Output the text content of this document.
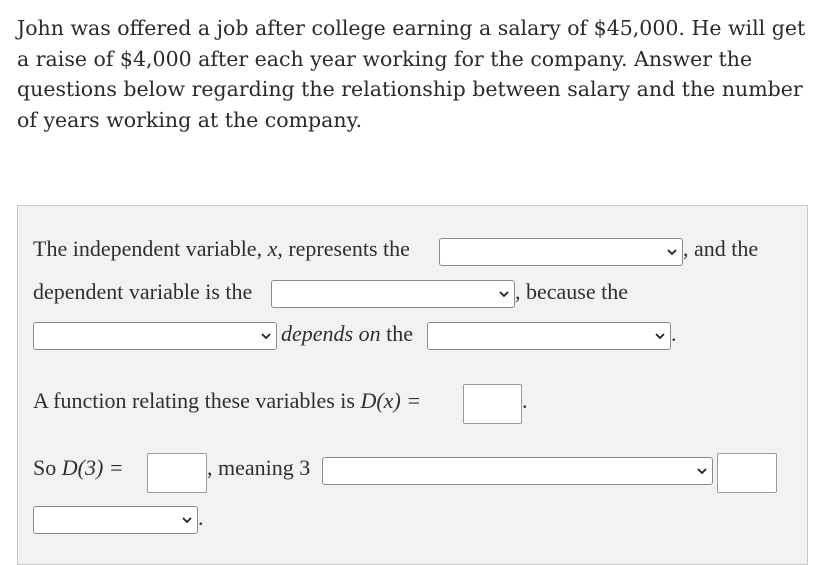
John was offered a job after college earning a salary of $45,000. He will get a raise of $4,000 after each year working for the company. Answer the questions below regarding the relationship between salary and the number of years working at the company.
The independent variable, x, represents the	, and the
dependent variable is the	, because the
depends on the	.
A function relating these variables is D(x) =	.
So D(3) =	, meaning 3
.
